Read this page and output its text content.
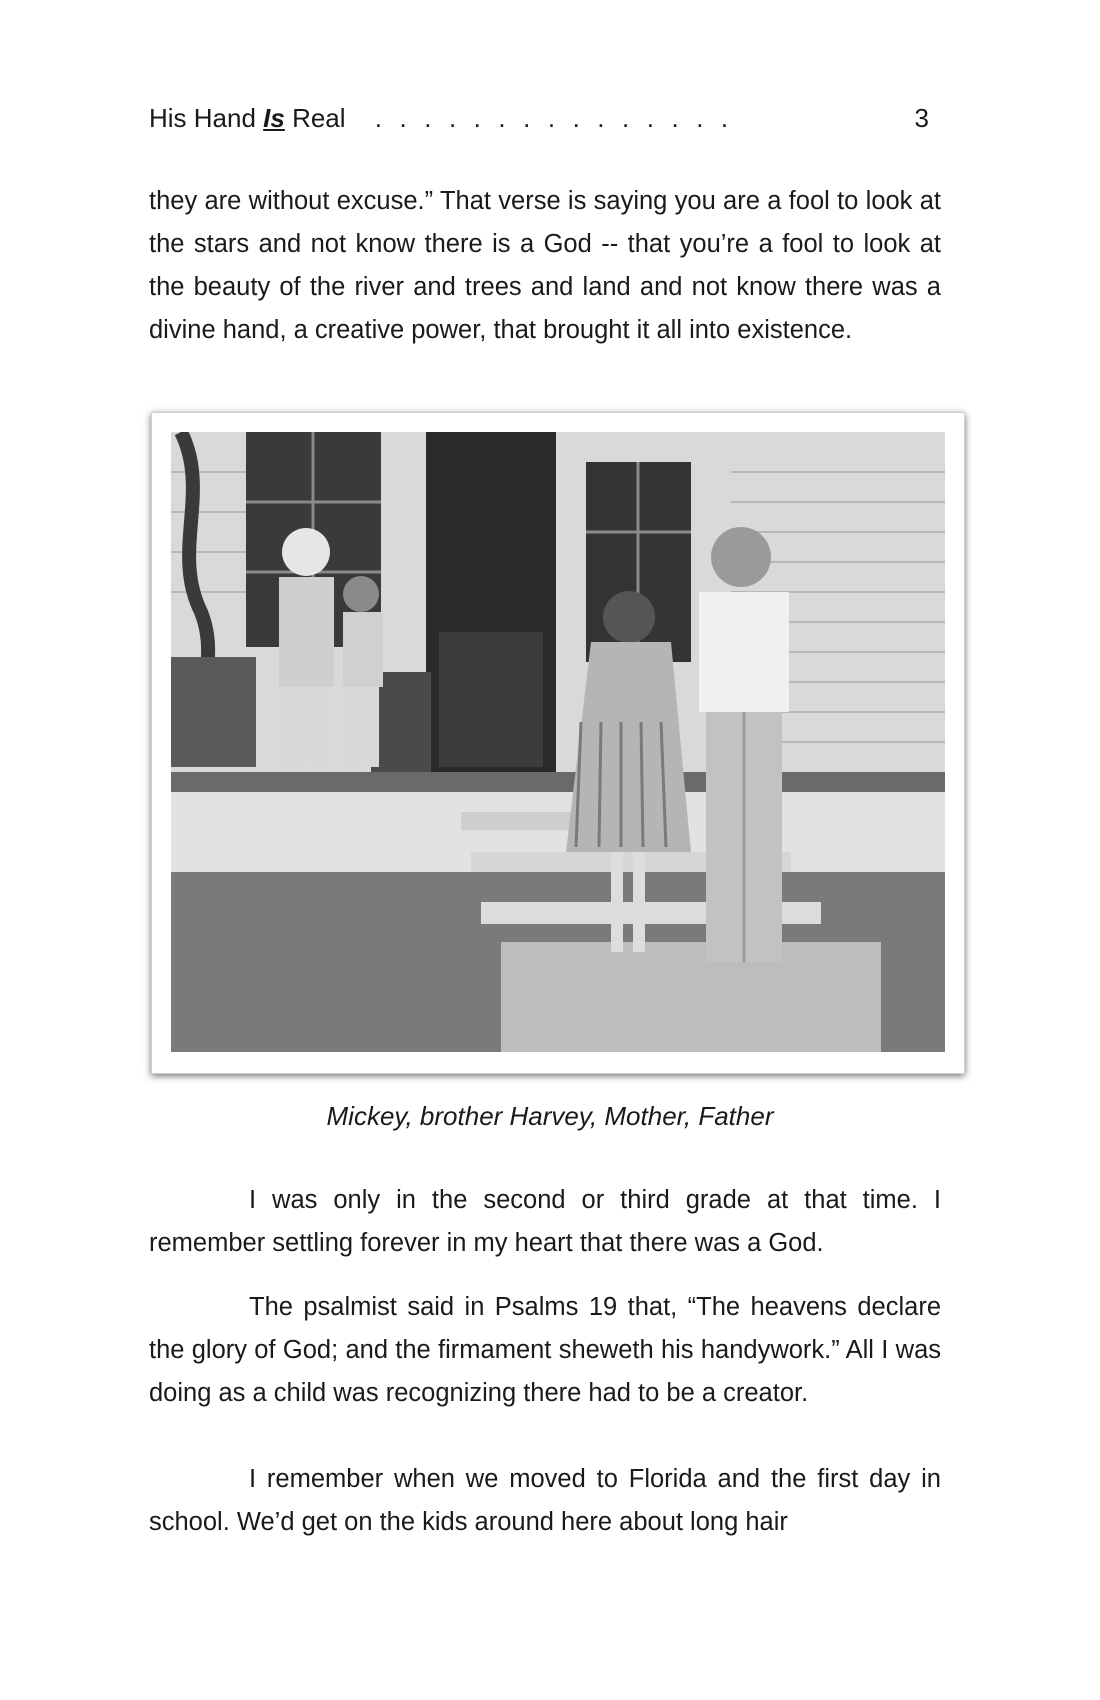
His Hand Is Real ...............	3

they are without excuse.” That verse is saying you are a fool to look at the stars and not know there is a God -- that you’re a fool to look at the beauty of the river and trees and land and not know there was a divine hand, a creative power, that brought it all into existence.

Mickey, brother Harvey, Mother, Father

I was only in the second or third grade at that time. I remember settling forever in my heart that there was a God.

The psalmist said in Psalms 19 that, “The heavens declare the glory of God; and the firmament sheweth his handywork.” All I was doing as a child was recognizing there had to be a creator.

I remember when we moved to Florida and the first day in school. We’d get on the kids around here about long hair
